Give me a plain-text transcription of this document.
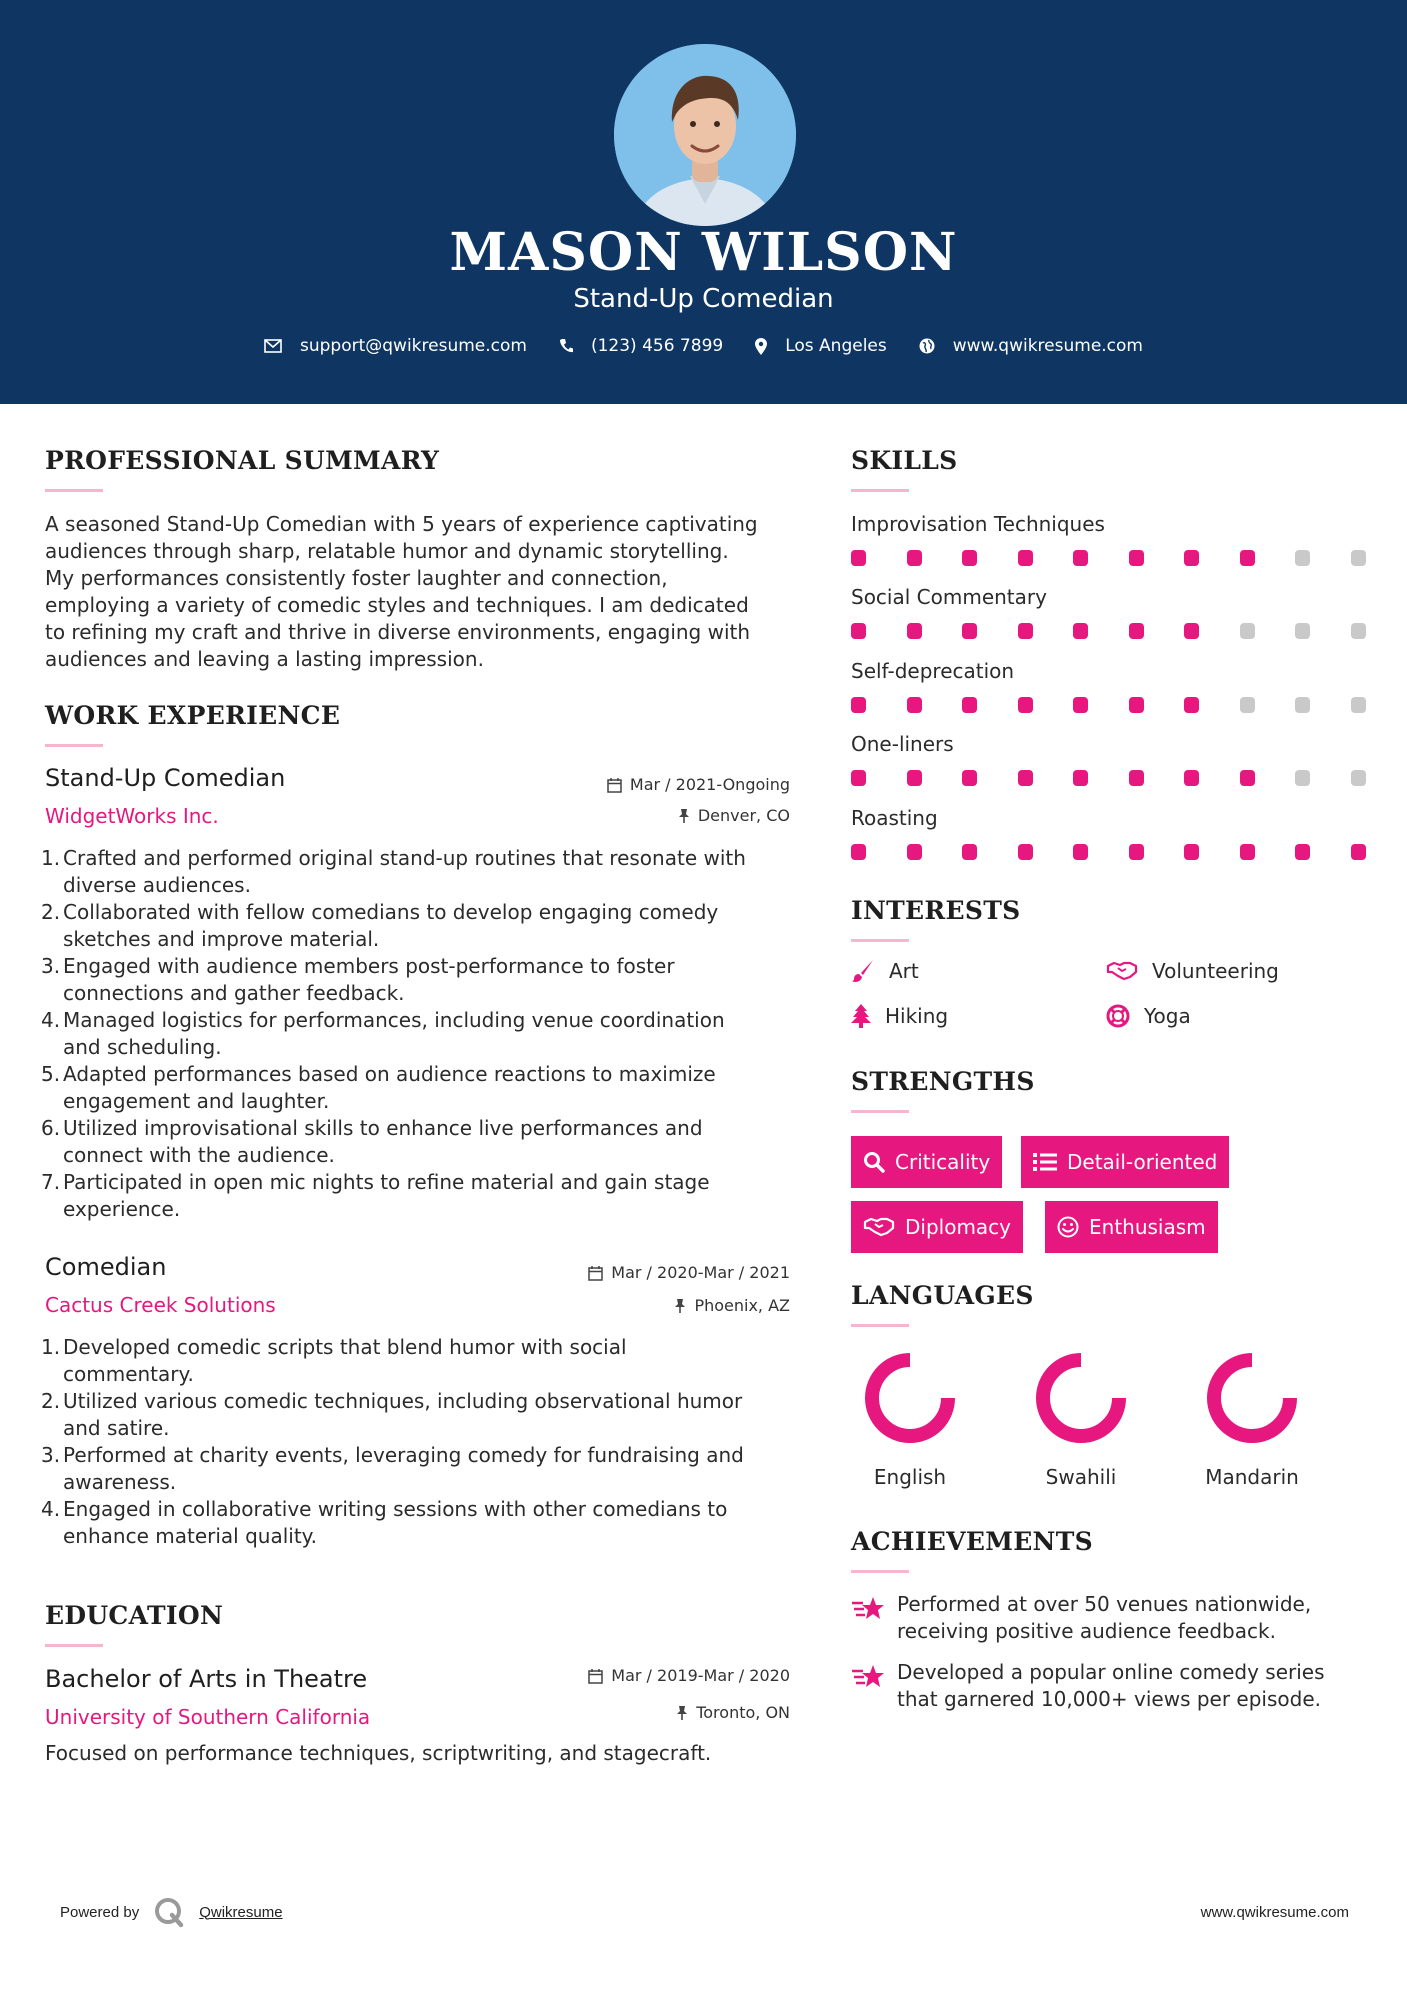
MASON WILSON
Stand-Up Comedian
support@qwikresume.com	(123) 456 7899	Los Angeles	www.qwikresume.com
PROFESSIONAL SUMMARY
A seasoned Stand-Up Comedian with 5 years of experience captivating
audiences through sharp, relatable humor and dynamic storytelling.
My performances consistently foster laughter and connection,
employing a variety of comedic styles and techniques. I am dedicated
to refining my craft and thrive in diverse environments, engaging with
audiences and leaving a lasting impression.
WORK EXPERIENCE
Stand-Up Comedian
WidgetWorks Inc.
Mar / 2021-Ongoing
Denver, CO
1. Crafted and performed original stand-up routines that resonate with
diverse audiences.
2. Collaborated with fellow comedians to develop engaging comedy
sketches and improve material.
3. Engaged with audience members post-performance to foster
connections and gather feedback.
4. Managed logistics for performances, including venue coordination
and scheduling.
5. Adapted performances based on audience reactions to maximize
engagement and laughter.
6. Utilized improvisational skills to enhance live performances and
connect with the audience.
7. Participated in open mic nights to refine material and gain stage
experience.
Comedian
Cactus Creek Solutions
Mar / 2020-Mar / 2021
Phoenix, AZ
1. Developed comedic scripts that blend humor with social
commentary.
2. Utilized various comedic techniques, including observational humor
and satire.
3. Performed at charity events, leveraging comedy for fundraising and
awareness.
4. Engaged in collaborative writing sessions with other comedians to
enhance material quality.
EDUCATION
Bachelor of Arts in Theatre
University of Southern California
Mar / 2019-Mar / 2020
Toronto, ON
Focused on performance techniques, scriptwriting, and stagecraft.
SKILLS
Improvisation Techniques
Social Commentary
Self-deprecation
One-liners
Roasting
INTERESTS
Art	Volunteering
Hiking	Yoga
STRENGTHS
Criticality	Detail-oriented
Diplomacy	Enthusiasm
LANGUAGES
English	Swahili	Mandarin
ACHIEVEMENTS
Performed at over 50 venues nationwide,
receiving positive audience feedback.
Developed a popular online comedy series
that garnered 10,000+ views per episode.
Powered by	Qwikresume	www.qwikresume.com
